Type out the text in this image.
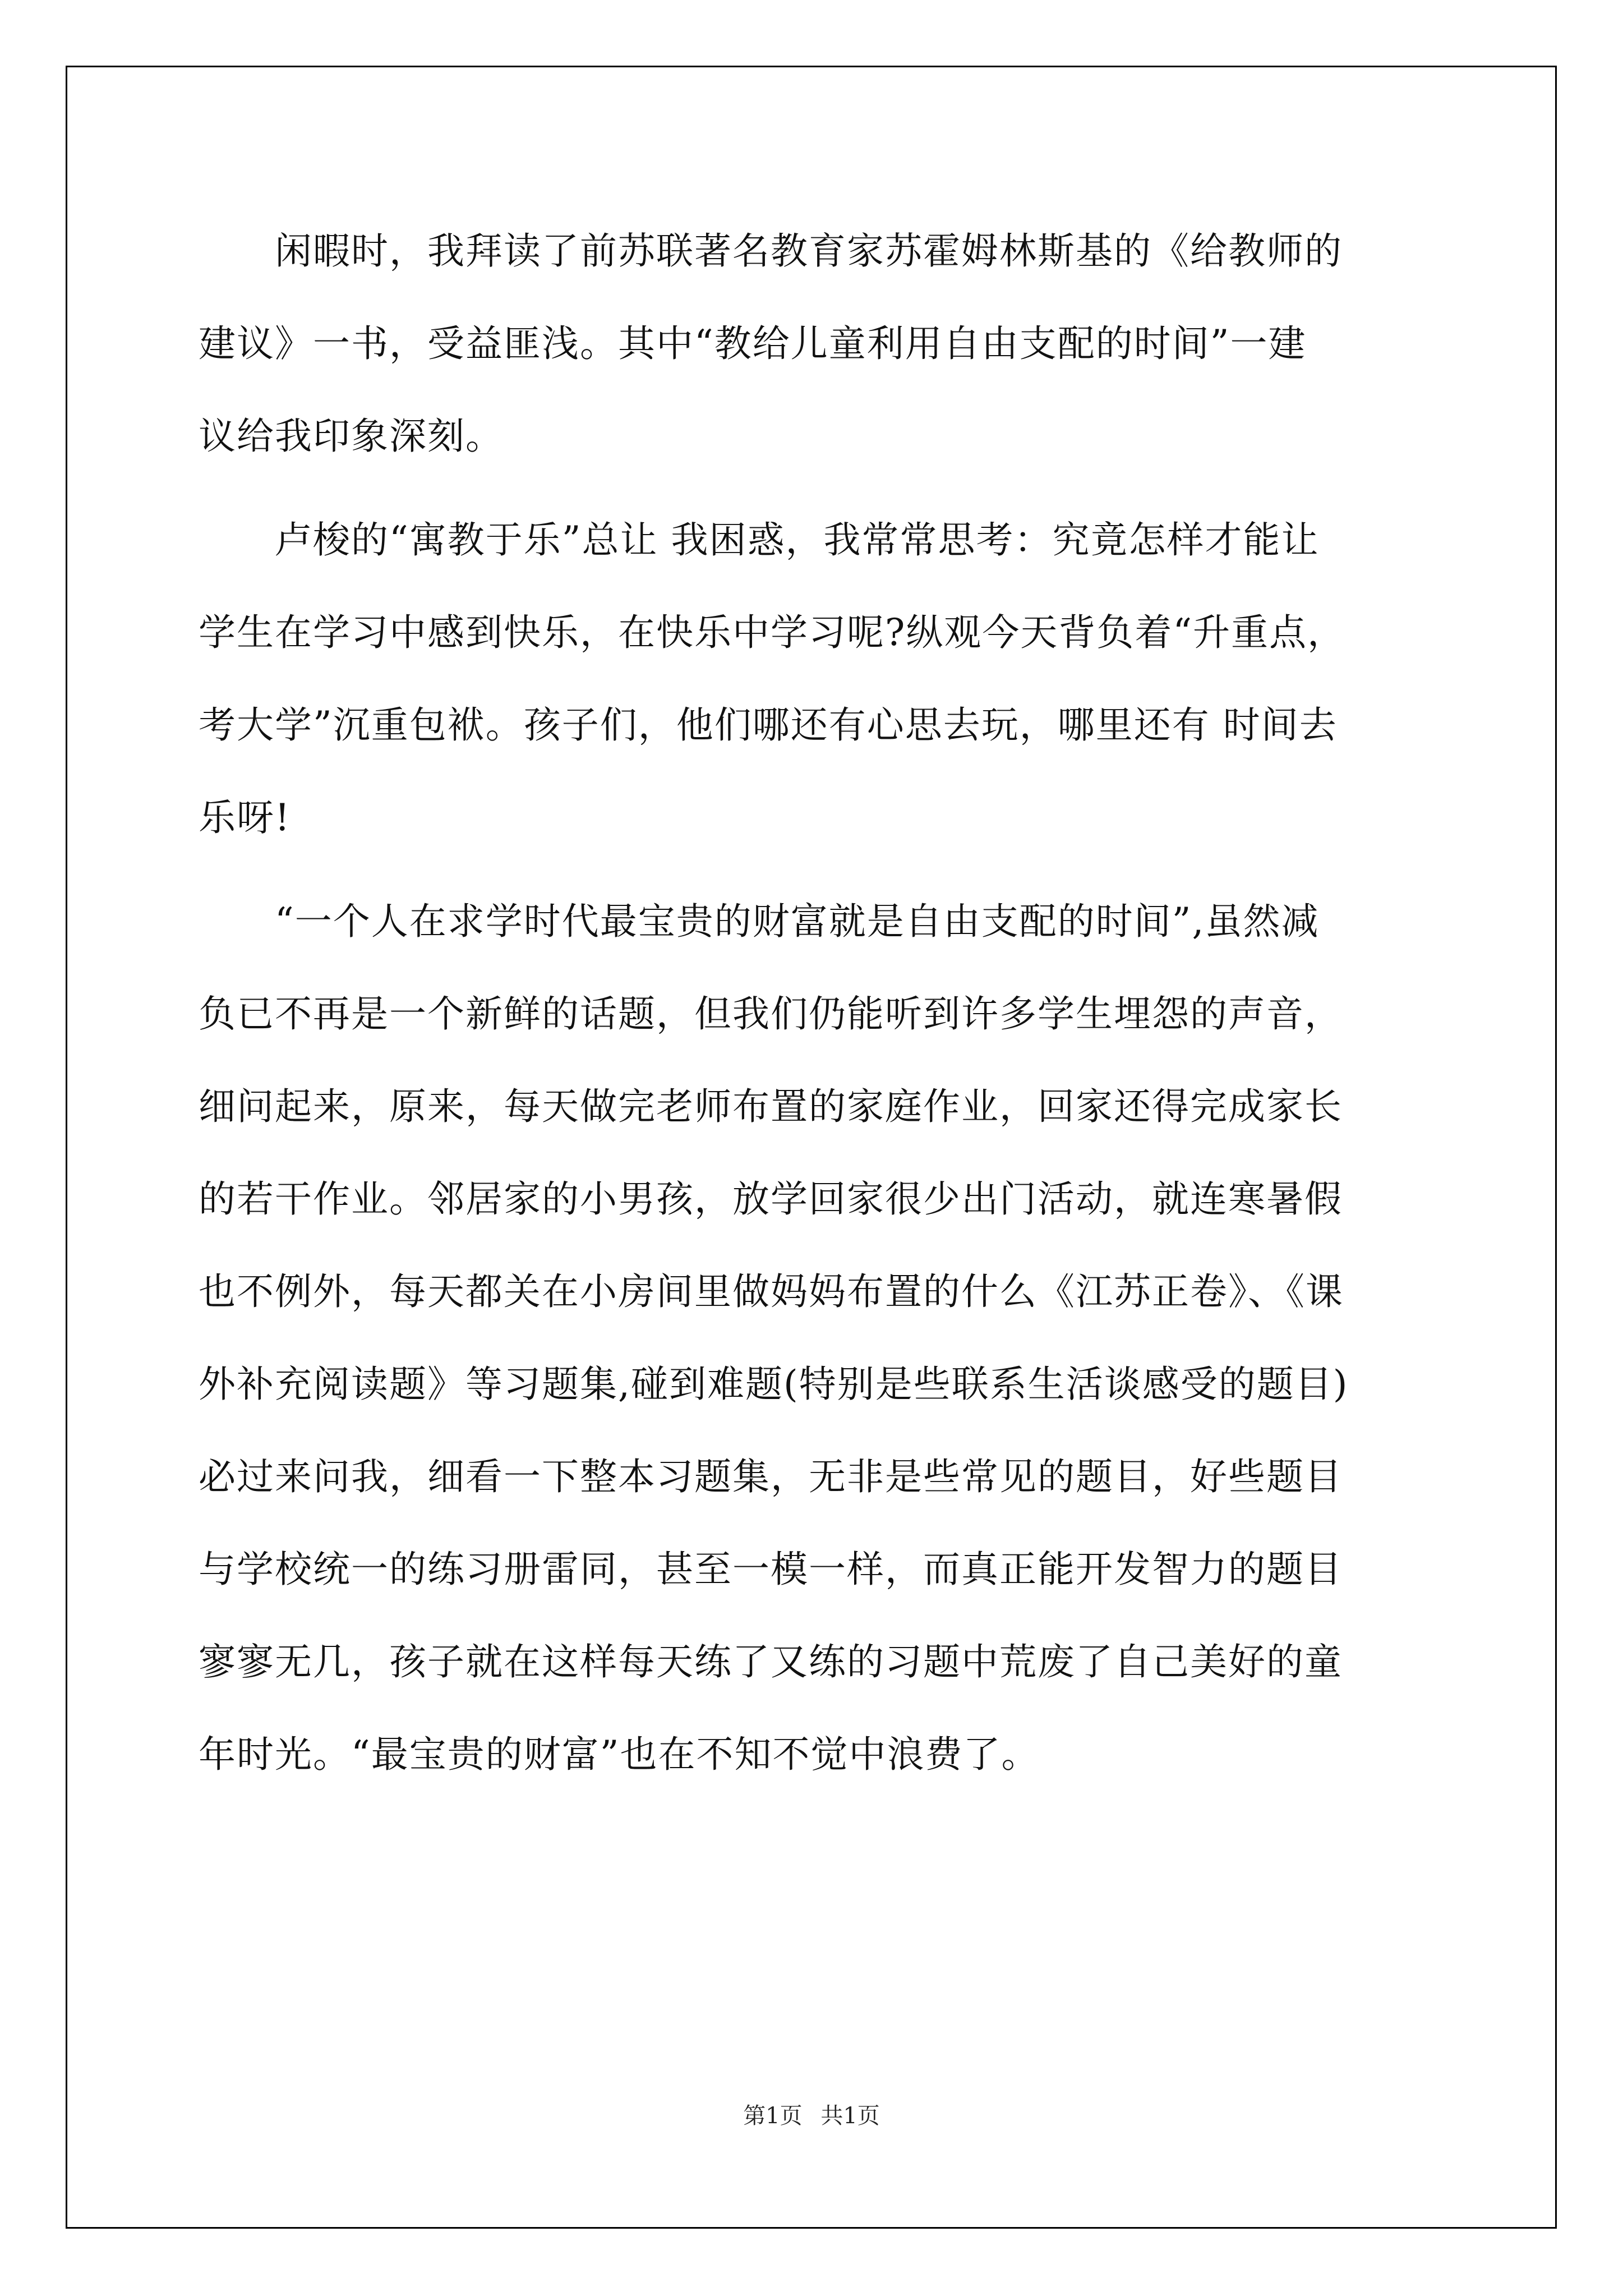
　　闲暇时，我拜读了前苏联著名教育家苏霍姆林斯基的《给教师的
建议》一书，受益匪浅。其中“教给儿童利用自由支配的时间”一建
议给我印象深刻。
　　卢梭的“寓教于乐”总让 我困惑，我常常思考：究竟怎样才能让
学生在学习中感到快乐，在快乐中学习呢?纵观今天背负着“升重点，
考大学”沉重包袱。孩子们，他们哪还有心思去玩，哪里还有 时间去
乐呀!
　　“一个人在求学时代最宝贵的财富就是自由支配的时间”,虽然减
负已不再是一个新鲜的话题，但我们仍能听到许多学生埋怨的声音，
细问起来，原来，每天做完老师布置的家庭作业，回家还得完成家长
的若干作业。邻居家的小男孩，放学回家很少出门活动，就连寒暑假
也不例外，每天都关在小房间里做妈妈布置的什么《江苏正卷》、《课
外补充阅读题》等习题集,碰到难题(特别是些联系生活谈感受的题目)
必过来问我，细看一下整本习题集，无非是些常见的题目，好些题目
与学校统一的练习册雷同，甚至一模一样，而真正能开发智力的题目
寥寥无几，孩子就在这样每天练了又练的习题中荒废了自己美好的童
年时光。“最宝贵的财富”也在不知不觉中浪费了。
第1页 共1页
